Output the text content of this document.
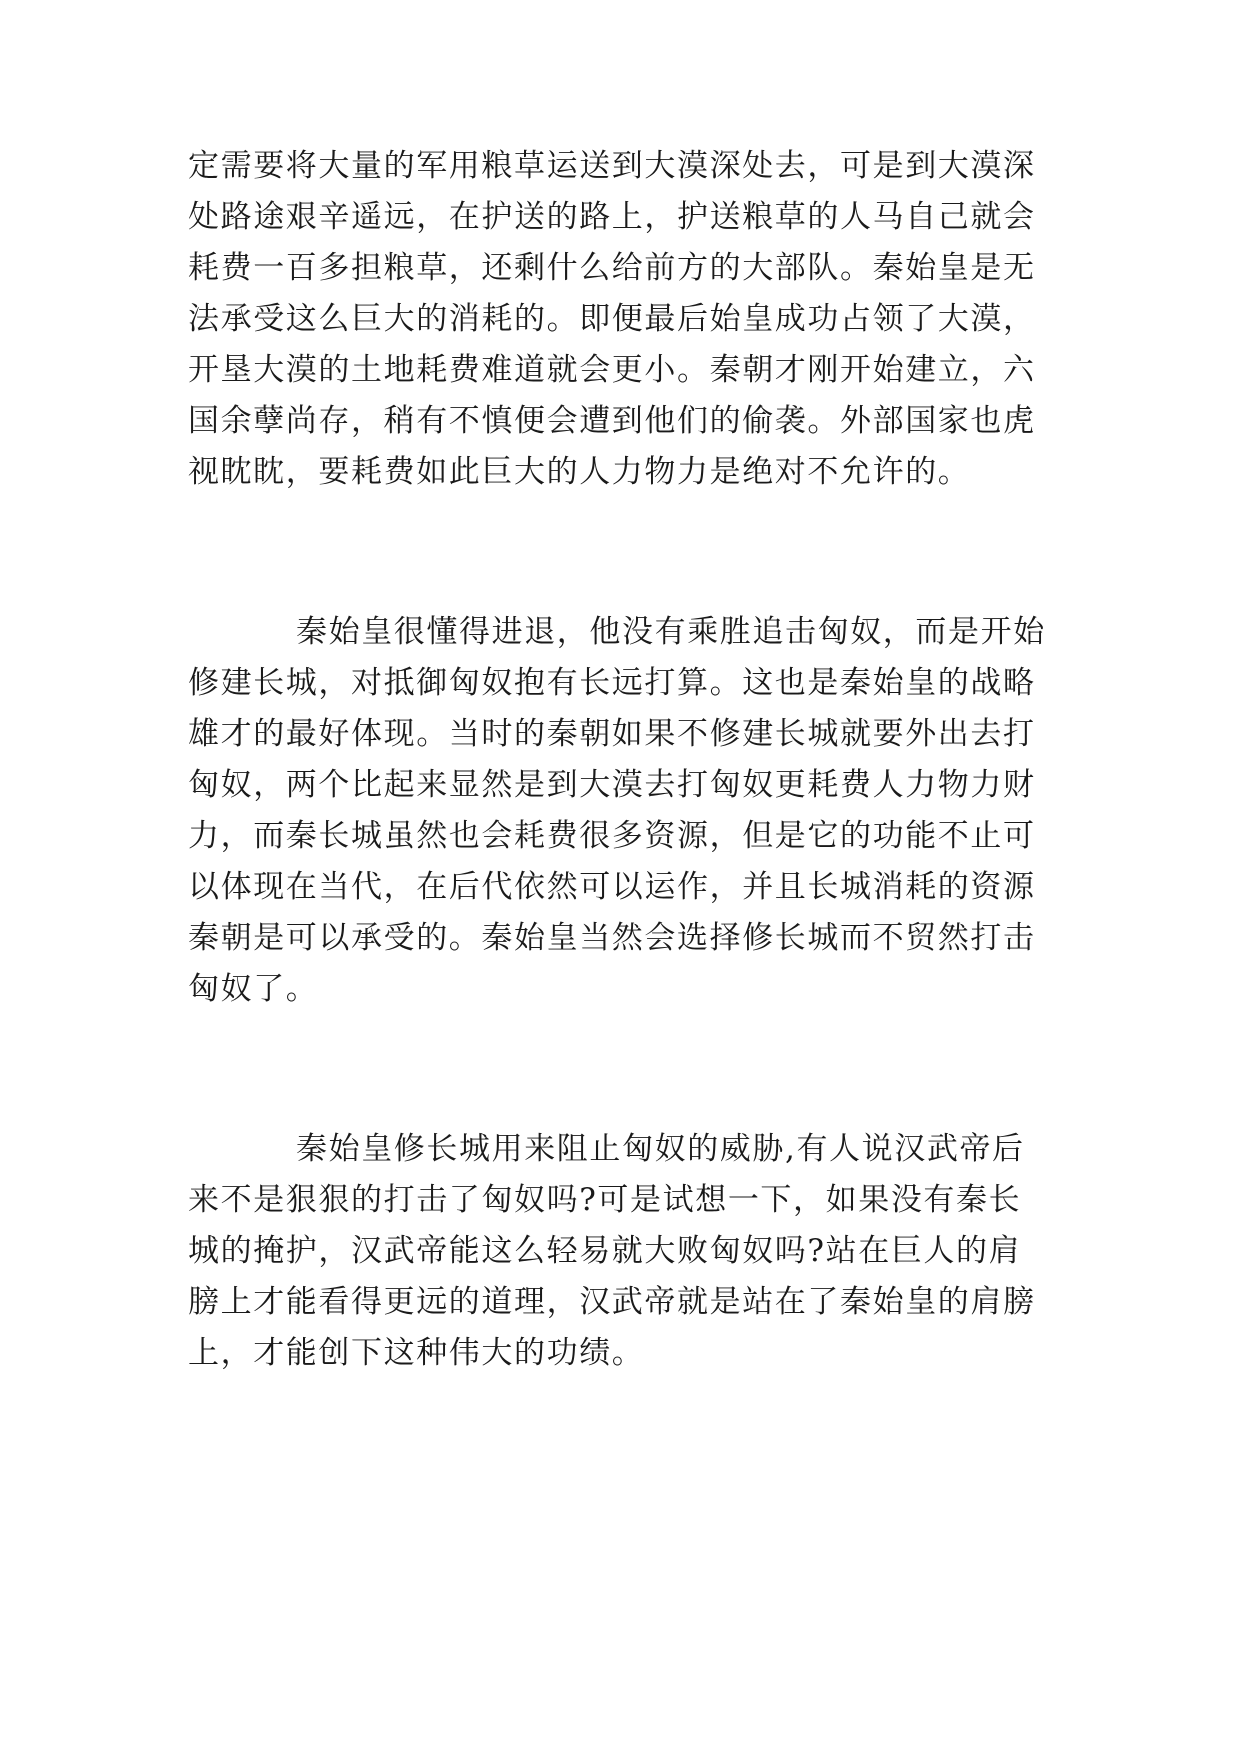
定需要将大量的军用粮草运送到大漠深处去，可是到大漠深
处路途艰辛遥远，在护送的路上，护送粮草的人马自己就会
耗费一百多担粮草，还剩什么给前方的大部队。秦始皇是无
法承受这么巨大的消耗的。即便最后始皇成功占领了大漠，
开垦大漠的土地耗费难道就会更小。秦朝才刚开始建立，六
国余孽尚存，稍有不慎便会遭到他们的偷袭。外部国家也虎
视眈眈，要耗费如此巨大的人力物力是绝对不允许的。
秦始皇很懂得进退，他没有乘胜追击匈奴，而是开始
修建长城，对抵御匈奴抱有长远打算。这也是秦始皇的战略
雄才的最好体现。当时的秦朝如果不修建长城就要外出去打
匈奴，两个比起来显然是到大漠去打匈奴更耗费人力物力财
力，而秦长城虽然也会耗费很多资源，但是它的功能不止可
以体现在当代，在后代依然可以运作，并且长城消耗的资源
秦朝是可以承受的。秦始皇当然会选择修长城而不贸然打击
匈奴了。
秦始皇修长城用来阻止匈奴的威胁,有人说汉武帝后
来不是狠狠的打击了匈奴吗?可是试想一下，如果没有秦长
城的掩护，汉武帝能这么轻易就大败匈奴吗?站在巨人的肩
膀上才能看得更远的道理，汉武帝就是站在了秦始皇的肩膀
上，才能创下这种伟大的功绩。
